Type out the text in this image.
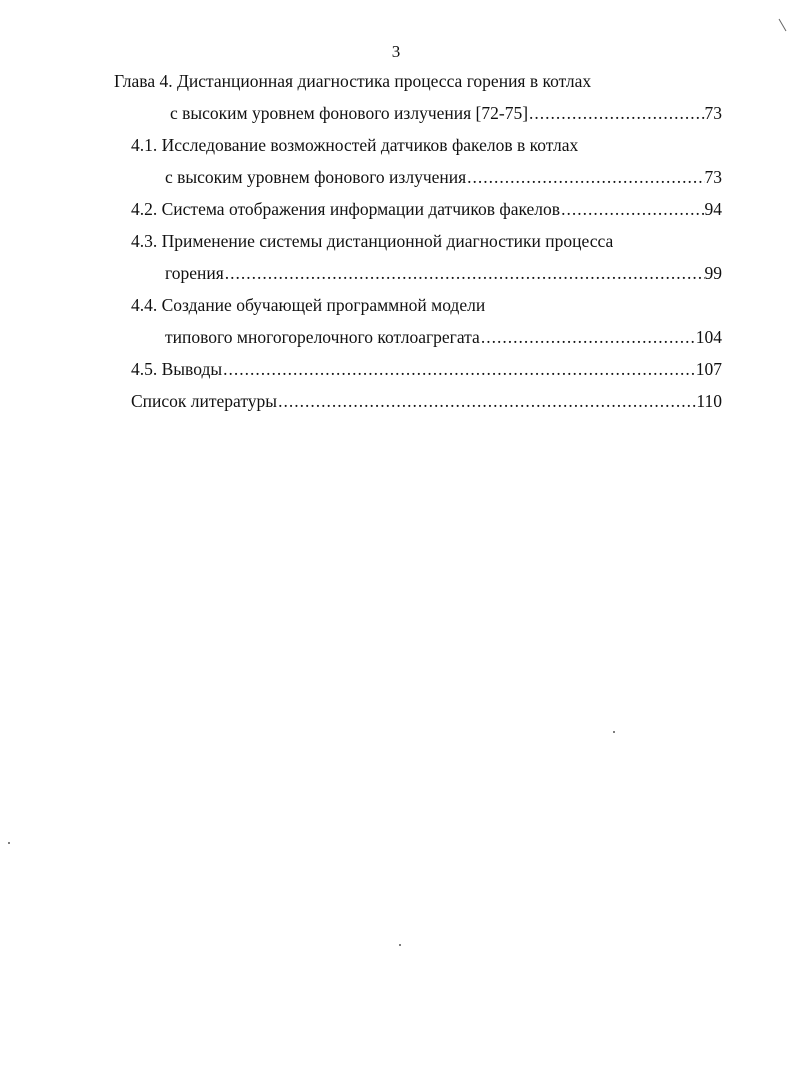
3
Глава 4. Дистанционная диагностика процесса горения в котлах
с высоким уровнем фонового излучения [72-75] .....	73
4.1. Исследование возможностей датчиков факелов в котлах
с высоким уровнем фонового излучения .....	73
4.2. Система отображения информации датчиков факелов .....	94
4.3. Применение системы дистанционной диагностики процесса
горения .....	99
4.4. Создание обучающей программной модели
типового многогорелочного котлоагрегата .....	104
4.5. Выводы .....	107
Список литературы .....	110
